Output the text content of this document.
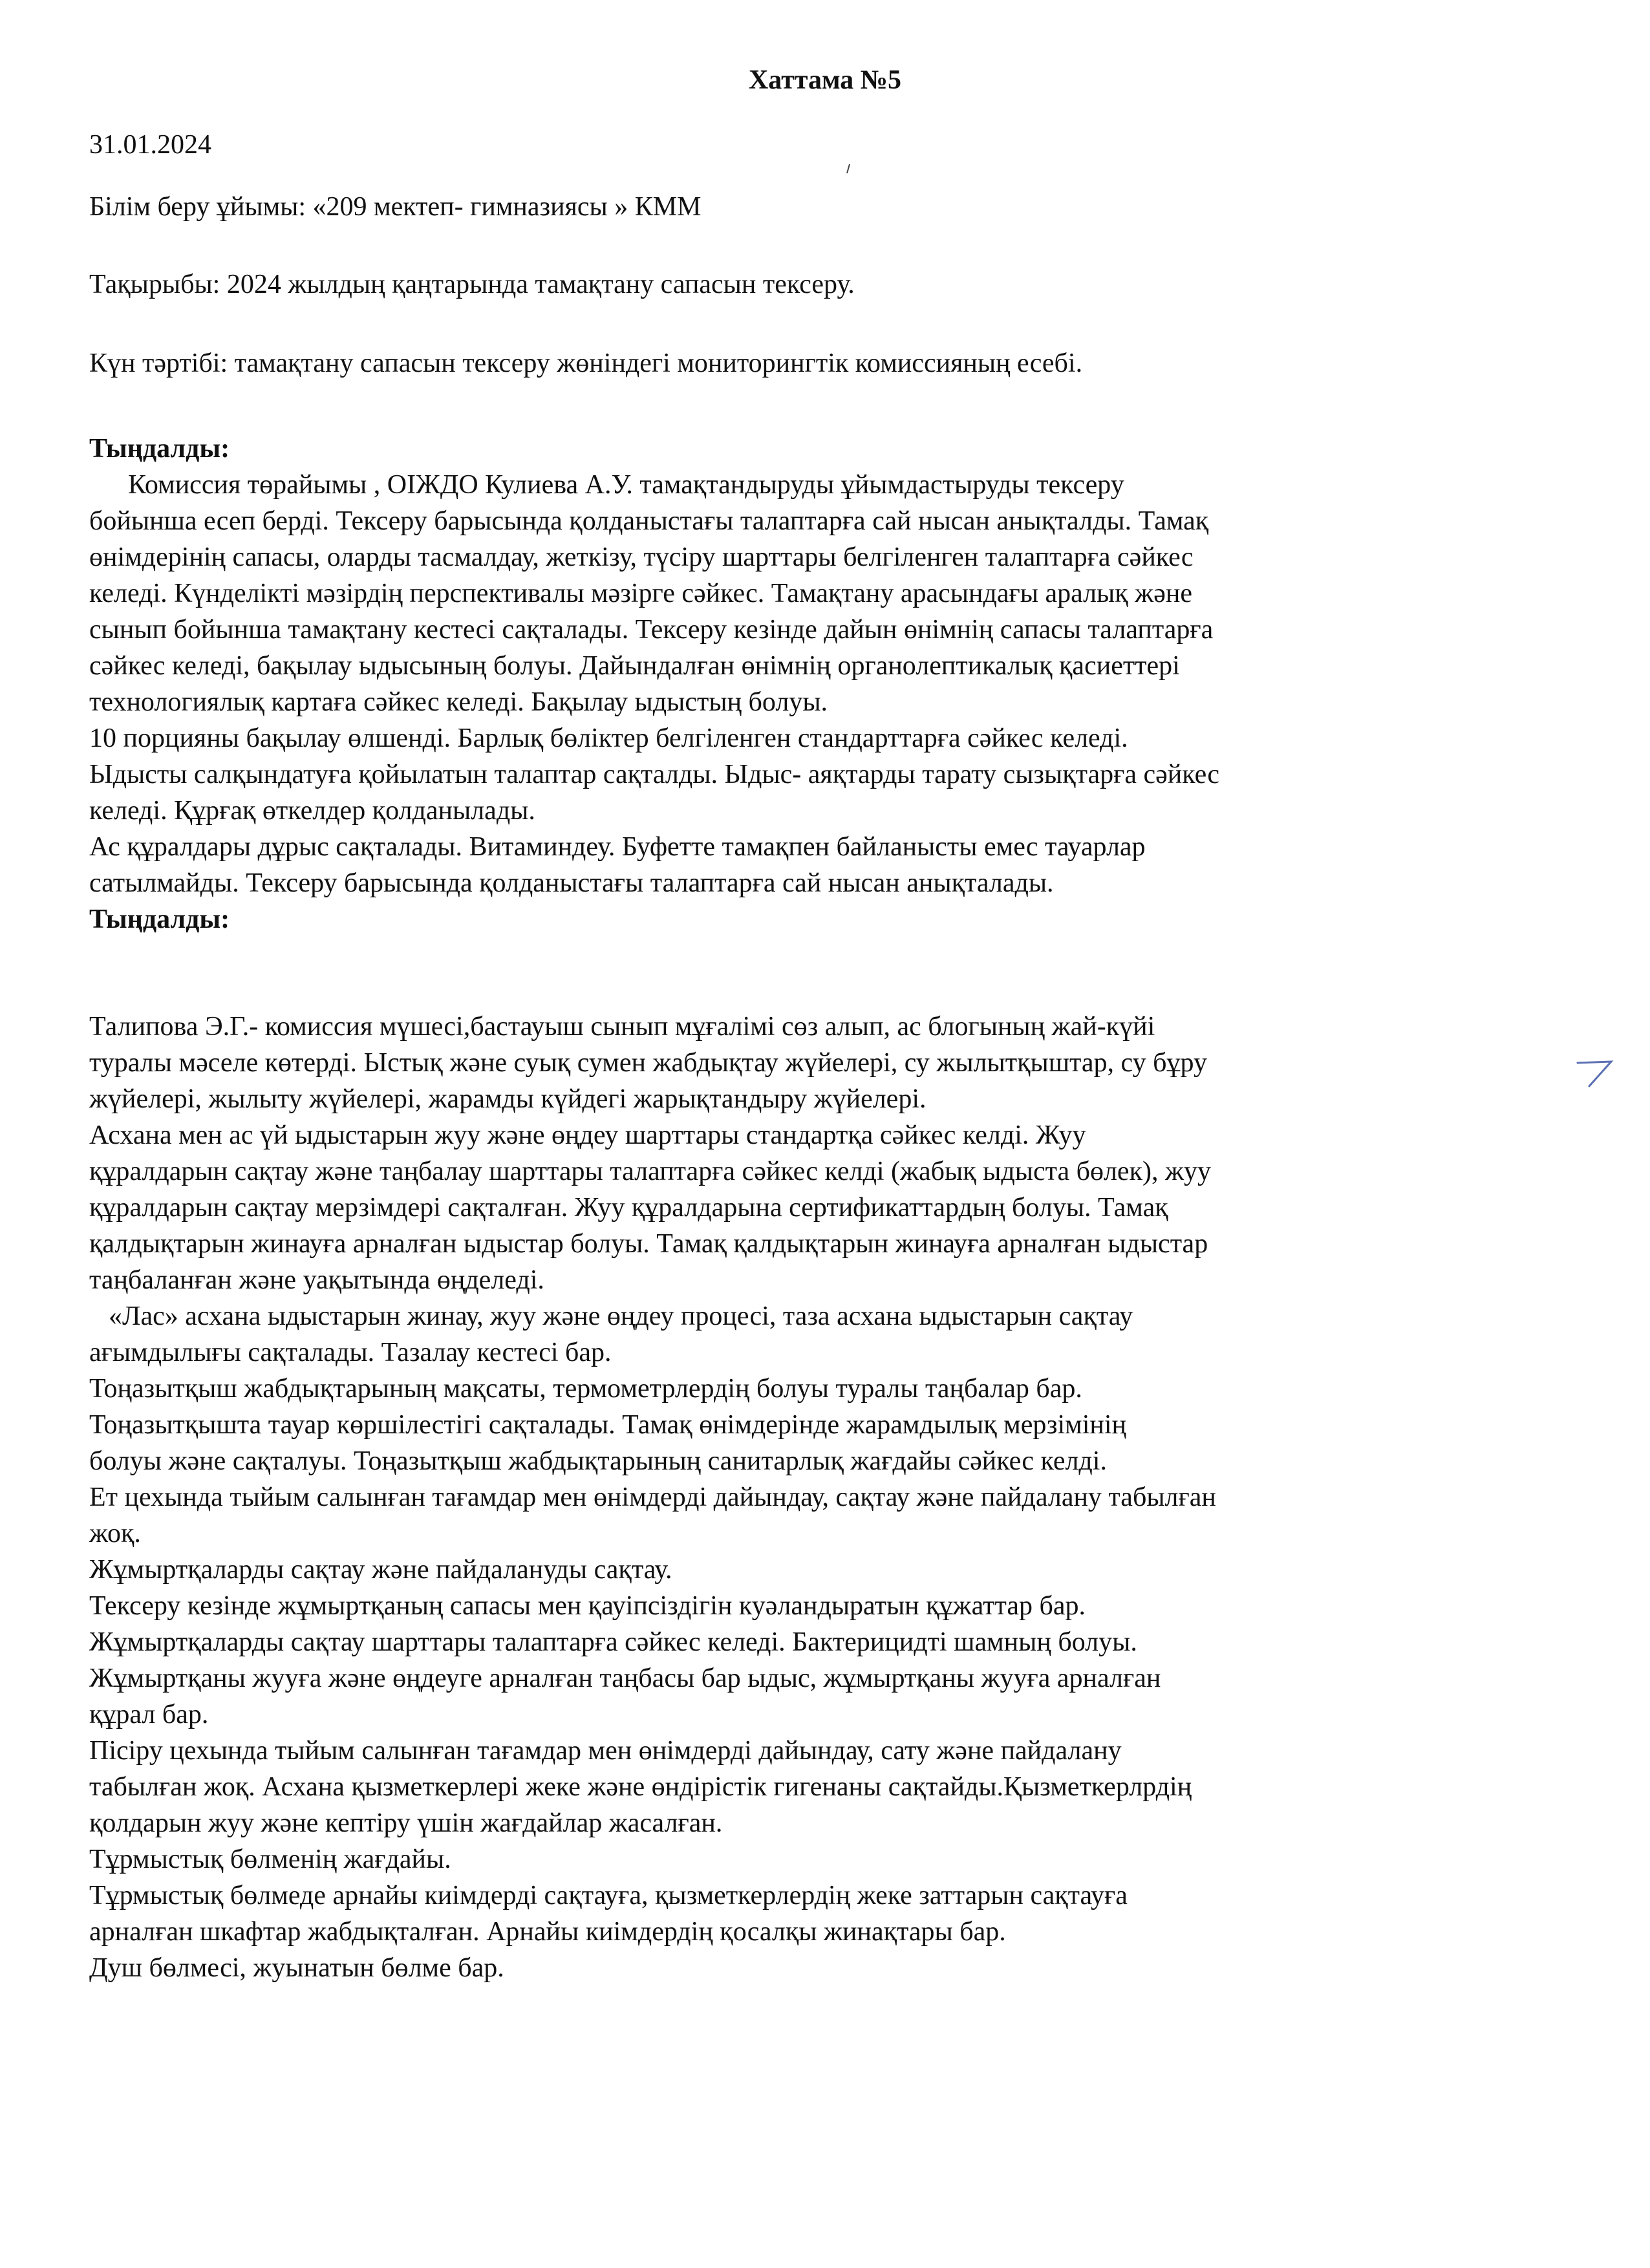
Хаттама №5
31.01.2024
Білім беру ұйымы: «209 мектеп- гимназиясы » КММ
Тақырыбы: 2024 жылдың қаңтарында тамақтану сапасын тексеру.
Күн тәртібі: тамақтану сапасын тексеру жөніндегі мониторингтік комиссияның есебі.
Тыңдалды:
Комиссия төрайымы , ОІЖДО Кулиева А.У. тамақтандыруды ұйымдастыруды тексеру
бойынша есеп берді. Тексеру барысында қолданыстағы талаптарға сай нысан анықталды. Тамақ
өнімдерінің сапасы, оларды тасмалдау, жеткізу, түсіру шарттары белгіленген талаптарға сәйкес
келеді. Күнделікті мәзірдің перспективалы мәзірге сәйкес. Тамақтану арасындағы аралық және
сынып бойынша тамақтану кестесі сақталады. Тексеру кезінде дайын өнімнің сапасы талаптарға
сәйкес келеді, бақылау ыдысының болуы. Дайындалған өнімнің органолептикалық қасиеттері
технологиялық картаға сәйкес келеді. Бақылау ыдыстың болуы.
10 порцияны бақылау өлшенді. Барлық бөліктер белгіленген стандарттарға сәйкес келеді.
Ыдысты салқындатуға қойылатын талаптар сақталды. Ыдыс- аяқтарды тарату сызықтарға сәйкес
келеді. Құрғақ өткелдер қолданылады.
Ас құралдары дұрыс сақталады. Витаминдеу. Буфетте тамақпен байланысты емес тауарлар
сатылмайды. Тексеру барысында қолданыстағы талаптарға сай нысан анықталады.
Тыңдалды:
Талипова Э.Г.- комиссия мүшесі,бастауыш сынып мұғалімі сөз алып, ас блогының жай-күйі
туралы мәселе көтерді. Ыстық және суық сумен жабдықтау жүйелері, су жылытқыштар, су бұру
жүйелері, жылыту жүйелері, жарамды күйдегі жарықтандыру жүйелері.
Асхана мен ас үй ыдыстарын жуу және өңдеу шарттары стандартқа сәйкес келді. Жуу
құралдарын сақтау және таңбалау шарттары талаптарға сәйкес келді (жабық ыдыста бөлек), жуу
құралдарын сақтау мерзімдері сақталған. Жуу құралдарына сертификаттардың болуы. Тамақ
қалдықтарын жинауға арналған ыдыстар болуы. Тамақ қалдықтарын жинауға арналған ыдыстар
таңбаланған және уақытында өңделеді.
«Лас» асхана ыдыстарын жинау, жуу және өңдеу процесі, таза асхана ыдыстарын сақтау
ағымдылығы сақталады. Тазалау кестесі бар.
Тоңазытқыш жабдықтарының мақсаты, термометрлердің болуы туралы таңбалар бар.
Тоңазытқышта тауар көршілестігі сақталады. Тамақ өнімдерінде жарамдылық мерзімінің
болуы және сақталуы. Тоңазытқыш жабдықтарының санитарлық жағдайы сәйкес келді.
Ет цехында тыйым салынған тағамдар мен өнімдерді дайындау, сақтау және пайдалану табылған
жоқ.
Жұмыртқаларды сақтау және пайдалануды сақтау.
Тексеру кезінде жұмыртқаның сапасы мен қауіпсіздігін куәландыратын құжаттар бар.
Жұмыртқаларды сақтау шарттары талаптарға сәйкес келеді. Бактерицидті шамның болуы.
Жұмыртқаны жууға және өңдеуге арналған таңбасы бар ыдыс, жұмыртқаны жууға арналған
құрал бар.
Пісіру цехында тыйым салынған тағамдар мен өнімдерді дайындау, сату және пайдалану
табылған жоқ. Асхана қызметкерлері жеке және өндірістік гигенаны сақтайды.Қызметкерлрдің
қолдарын жуу және кептіру үшін жағдайлар жасалған.
Тұрмыстық бөлменің жағдайы.
Тұрмыстық бөлмеде арнайы киімдерді сақтауға, қызметкерлердің жеке заттарын сақтауға
арналған шкафтар жабдықталған. Арнайы киімдердің қосалқы жинақтары бар.
Душ бөлмесі, жуынатын бөлме бар.
